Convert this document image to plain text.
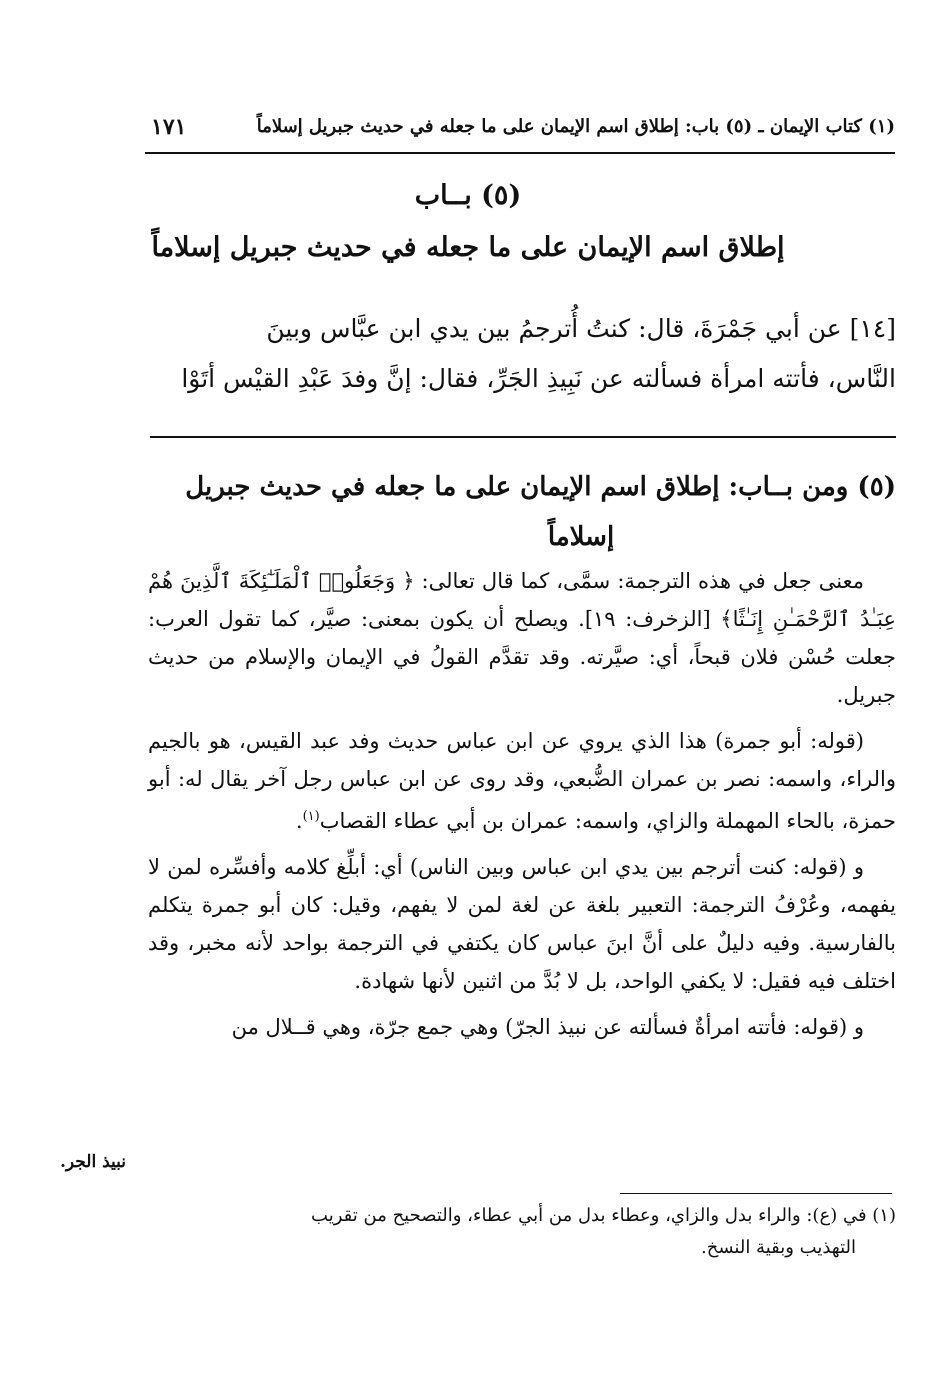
(١) كتاب الإيمان ـ (٥) باب: إطلاق اسم الإيمان على ما جعله في حديث جبريل إسلاماً
١٧١
(٥) بــاب
إطلاق اسم الإيمان على ما جعله في حديث جبريل إسلاماً
[١٤] عن أبي جَمْرَةَ، قال: كنتُ أُترجمُ بين يدي ابن عبَّاس وبينَ
النَّاس، فأتته امرأة فسألته عن نَبِيذِ الجَرِّ، فقال: إنَّ وفدَ عَبْدِ القيْس أتَوْا
(٥) ومن بــاب: إطلاق اسم الإيمان على ما جعله في حديث جبريل
إسلاماً

معنى جعل في هذه الترجمة: سمَّى، كما قال تعالى: ﴿ وَجَعَلُوا۟ ٱلْمَلَـٰٓئِكَةَ ٱلَّذِينَ هُمْ عِبَـٰدُ ٱلرَّحْمَـٰنِ إِنَـٰثًا﴾ [الزخرف: ١٩]. ويصلح أن يكون بمعنى: صيَّر، كما تقول العرب: جعلت حُسْن فلان قبحاً، أي: صيَّرته. وقد تقدَّم القولُ في الإيمان والإسلام من حديث جبريل.

(قوله: أبو جمرة) هذا الذي يروي عن ابن عباس حديث وفد عبد القيس، هو بالجيم والراء، واسمه: نصر بن عمران الضُّبعي، وقد روى عن ابن عباس رجل آخر يقال له: أبو حمزة، بالحاء المهملة والزاي، واسمه: عمران بن أبي عطاء القصاب$^{(١)}$.

و (قوله: كنت أترجم بين يدي ابن عباس وبين الناس) أي: أبلِّغ كلامه وأفسِّره لمن لا يفهمه، وعُرْفُ الترجمة: التعبير بلغة عن لغة لمن لا يفهم، وقيل: كان أبو جمرة يتكلم بالفارسية. وفيه دليلٌ على أنَّ ابنَ عباس كان يكتفي في الترجمة بواحد لأنه مخبر، وقد اختلف فيه فقيل: لا يكفي الواحد، بل لا بُدَّ من اثنين لأنها شهادة.

و (قوله: فأتته امرأةٌ فسألته عن نبيذ الجرّ) وهي جمع جرّة، وهي قــلال من

نبيذ الجر.
(١) في (ع): والراء بدل والزاي، وعطاء بدل من أبي عطاء، والتصحيح من تقريب
التهذيب وبقية النسخ.
